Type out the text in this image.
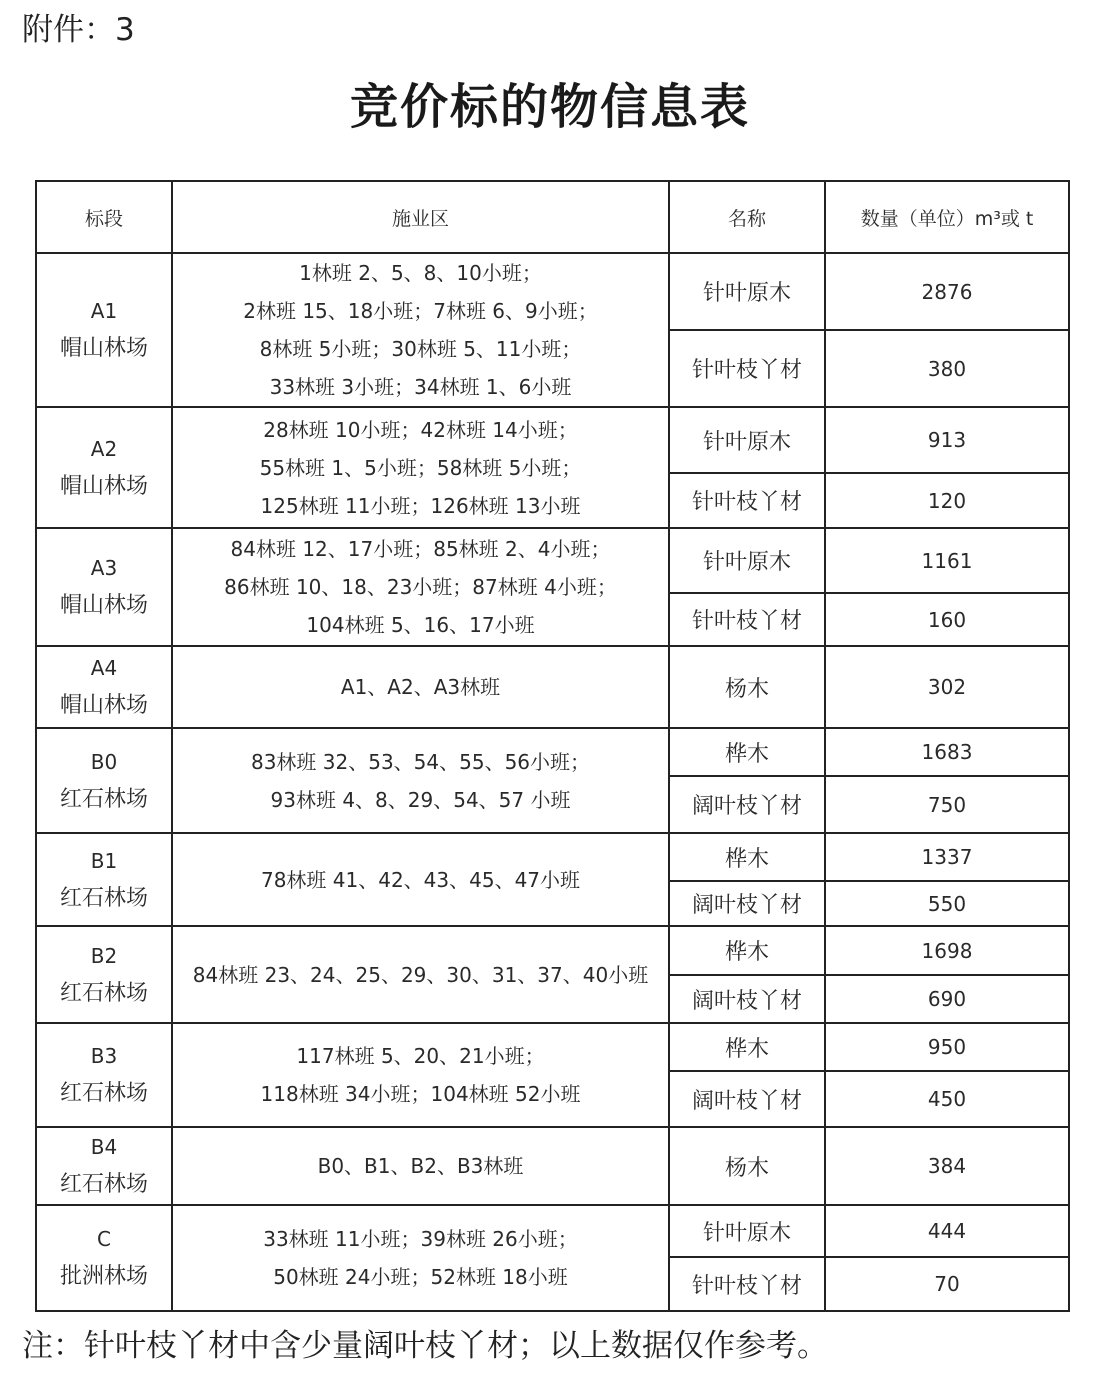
附件：3
竞价标的物信息表
标段	施业区	名称	数量（单位）m³或 t

A1
帽山林场	1林班 2、5、8、10小班；
2林班 15、18小班；7林班 6、9小班；
8林班 5小班；30林班 5、11小班；
33林班 3小班；34林班 1、6小班	针叶原木	2876
		针叶枝丫材	380

A2
帽山林场	28林班 10小班；42林班 14小班；
55林班 1、5小班；58林班 5小班；
125林班 11小班；126林班 13小班	针叶原木	913
		针叶枝丫材	120

A3
帽山林场	84林班 12、17小班；85林班 2、4小班；
86林班 10、18、23小班；87林班 4小班；
104林班 5、16、17小班	针叶原木	1161
		针叶枝丫材	160

A4
帽山林场	A1、A2、A3林班	杨木	302

B0
红石林场	83林班 32、53、54、55、56小班；
93林班 4、8、29、54、57 小班	桦木	1683
		阔叶枝丫材	750

B1
红石林场	78林班 41、42、43、45、47小班	桦木	1337
		阔叶枝丫材	550

B2
红石林场	84林班 23、24、25、29、30、31、37、40小班	桦木	1698
		阔叶枝丫材	690

B3
红石林场	117林班 5、20、21小班；
118林班 34小班；104林班 52小班	桦木	950
		阔叶枝丫材	450

B4
红石林场	B0、B1、B2、B3林班	杨木	384

C
批洲林场	33林班 11小班；39林班 26小班；
50林班 24小班；52林班 18小班	针叶原木	444
		针叶枝丫材	70
注：针叶枝丫材中含少量阔叶枝丫材；以上数据仅作参考。
